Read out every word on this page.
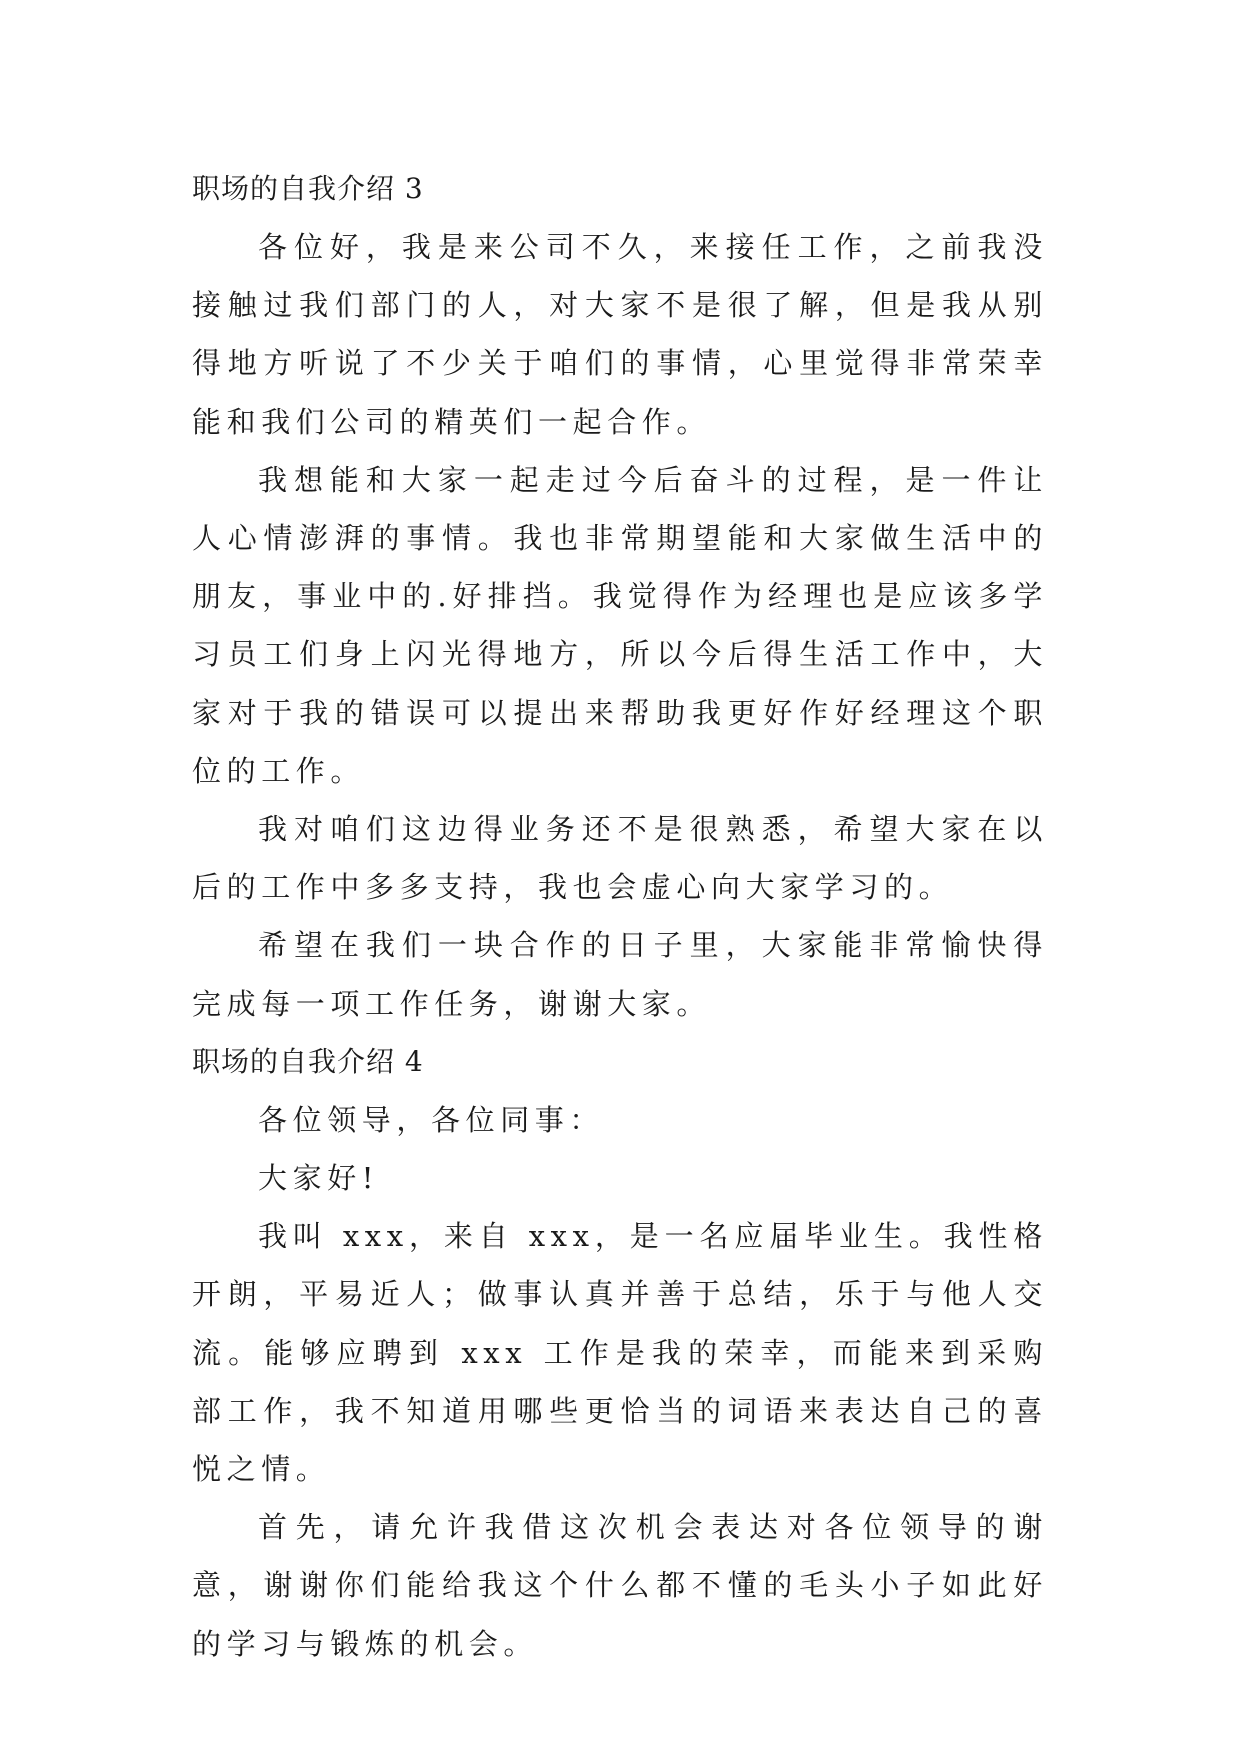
职场的自我介绍 3

各位好，我是来公司不久，来接任工作，之前我没接触过我们部门的人，对大家不是很了解，但是我从别得地方听说了不少关于咱们的事情，心里觉得非常荣幸能和我们公司的精英们一起合作。

我想能和大家一起走过今后奋斗的过程，是一件让人心情澎湃的事情。我也非常期望能和大家做生活中的朋友，事业中的.好排挡。我觉得作为经理也是应该多学习员工们身上闪光得地方，所以今后得生活工作中，大家对于我的错误可以提出来帮助我更好作好经理这个职位的工作。

我对咱们这边得业务还不是很熟悉，希望大家在以后的工作中多多支持，我也会虚心向大家学习的。

希望在我们一块合作的日子里，大家能非常愉快得完成每一项工作任务，谢谢大家。

职场的自我介绍 4

各位领导，各位同事：

大家好!

我叫 xxx，来自 xxx，是一名应届毕业生。我性格开朗，平易近人；做事认真并善于总结，乐于与他人交流。能够应聘到 xxx 工作是我的荣幸，而能来到采购部工作，我不知道用哪些更恰当的词语来表达自己的喜悦之情。

首先，请允许我借这次机会表达对各位领导的谢意，谢谢你们能给我这个什么都不懂的毛头小子如此好的学习与锻炼的机会。
